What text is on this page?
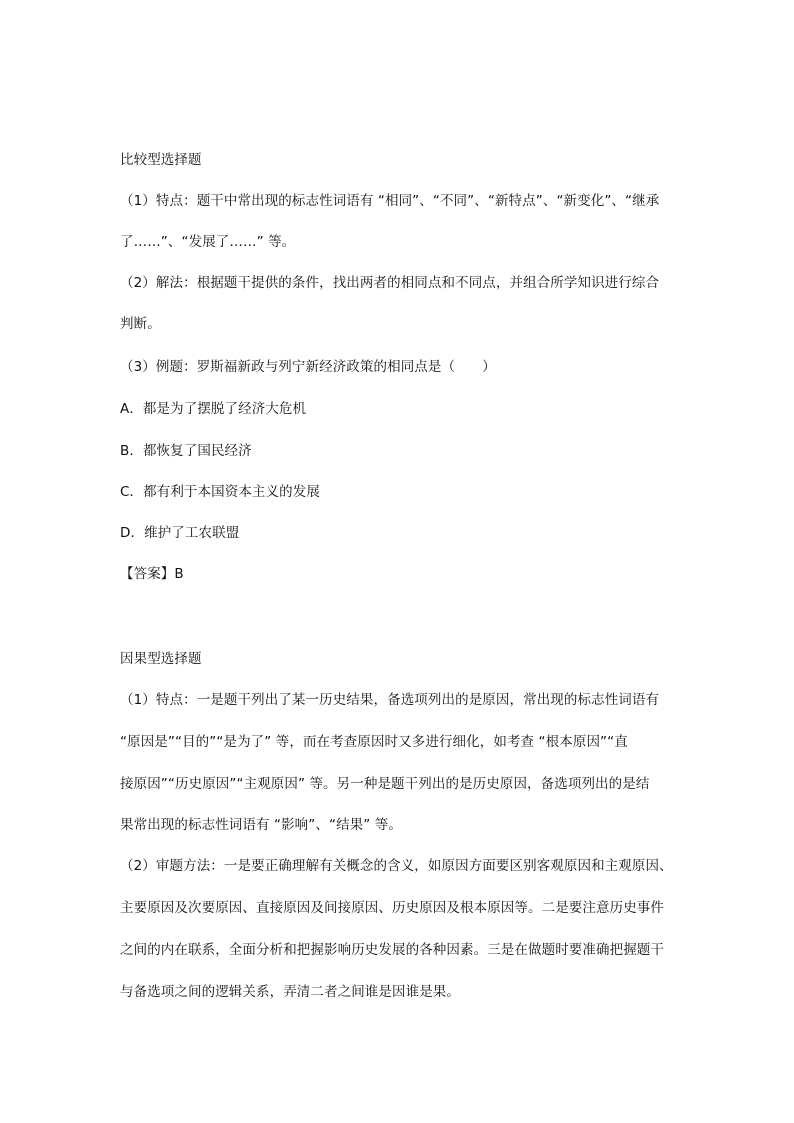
比较型选择题
（1）特点：题干中常出现的标志性词语有 “相同”、“不同”、“新特点”、“新变化”、“继承
了……”、“发展了……” 等。
（2）解法：根据题干提供的条件，找出两者的相同点和不同点，并组合所学知识进行综合
判断。
（3）例题：罗斯福新政与列宁新经济政策的相同点是（　　）
A．都是为了摆脱了经济大危机
B．都恢复了国民经济
C．都有利于本国资本主义的发展
D．维护了工农联盟
【答案】B
因果型选择题
（1）特点：一是题干列出了某一历史结果，备选项列出的是原因，常出现的标志性词语有
“原因是”“目的”“是为了” 等，而在考查原因时又多进行细化，如考查 “根本原因”“直
接原因”“历史原因”“主观原因” 等。另一种是题干列出的是历史原因，备选项列出的是结
果常出现的标志性词语有 “影响”、“结果” 等。
（2）审题方法：一是要正确理解有关概念的含义，如原因方面要区别客观原因和主观原因、
主要原因及次要原因、直接原因及间接原因、历史原因及根本原因等。二是要注意历史事件
之间的内在联系，全面分析和把握影响历史发展的各种因素。三是在做题时要准确把握题干
与备选项之间的逻辑关系，弄清二者之间谁是因谁是果。
